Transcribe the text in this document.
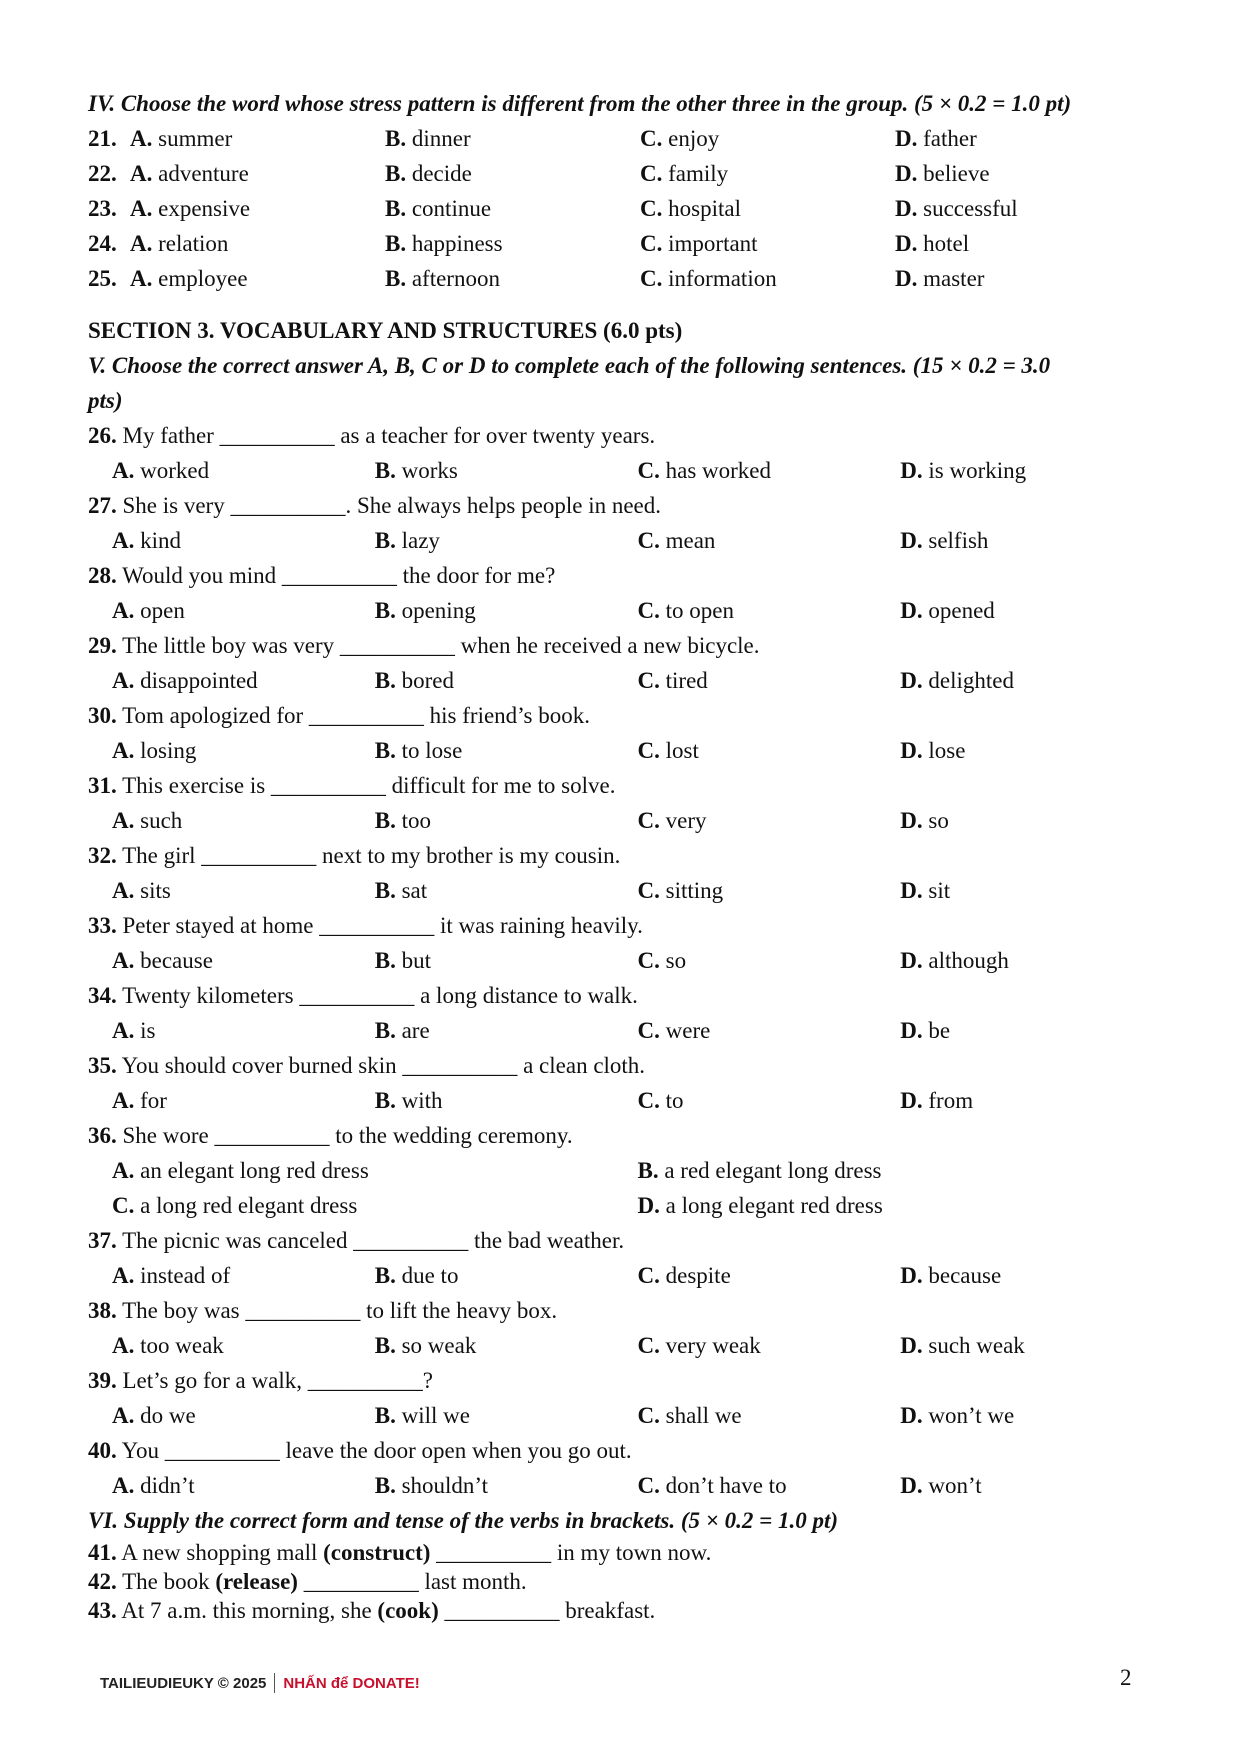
IV. Choose the word whose stress pattern is different from the other three in the group. (5 × 0.2 = 1.0 pt)
21. A. summer	B. dinner	C. enjoy	D. father
22. A. adventure	B. decide	C. family	D. believe
23. A. expensive	B. continue	C. hospital	D. successful
24. A. relation	B. happiness	C. important	D. hotel
25. A. employee	B. afternoon	C. information	D. master
SECTION 3. VOCABULARY AND STRUCTURES (6.0 pts)
V. Choose the correct answer A, B, C or D to complete each of the following sentences. (15 × 0.2 = 3.0
pts)
26. My father __________ as a teacher for over twenty years.
A. worked	B. works	C. has worked	D. is working
27. She is very __________. She always helps people in need.
A. kind	B. lazy	C. mean	D. selfish
28. Would you mind __________ the door for me?
A. open	B. opening	C. to open	D. opened
29. The little boy was very __________ when he received a new bicycle.
A. disappointed	B. bored	C. tired	D. delighted
30. Tom apologized for __________ his friend’s book.
A. losing	B. to lose	C. lost	D. lose
31. This exercise is __________ difficult for me to solve.
A. such	B. too	C. very	D. so
32. The girl __________ next to my brother is my cousin.
A. sits	B. sat	C. sitting	D. sit
33. Peter stayed at home __________ it was raining heavily.
A. because	B. but	C. so	D. although
34. Twenty kilometers __________ a long distance to walk.
A. is	B. are	C. were	D. be
35. You should cover burned skin __________ a clean cloth.
A. for	B. with	C. to	D. from
36. She wore __________ to the wedding ceremony.
A. an elegant long red dress	B. a red elegant long dress
C. a long red elegant dress	D. a long elegant red dress
37. The picnic was canceled __________ the bad weather.
A. instead of	B. due to	C. despite	D. because
38. The boy was __________ to lift the heavy box.
A. too weak	B. so weak	C. very weak	D. such weak
39. Let’s go for a walk, __________?
A. do we	B. will we	C. shall we	D. won’t we
40. You __________ leave the door open when you go out.
A. didn’t	B. shouldn’t	C. don’t have to	D. won’t
VI. Supply the correct form and tense of the verbs in brackets. (5 × 0.2 = 1.0 pt)
41. A new shopping mall (construct) __________ in my town now.
42. The book (release) __________ last month.
43. At 7 a.m. this morning, she (cook) __________ breakfast.
TAILIEUDIEUKY © 2025 NHẤN để DONATE!	2
